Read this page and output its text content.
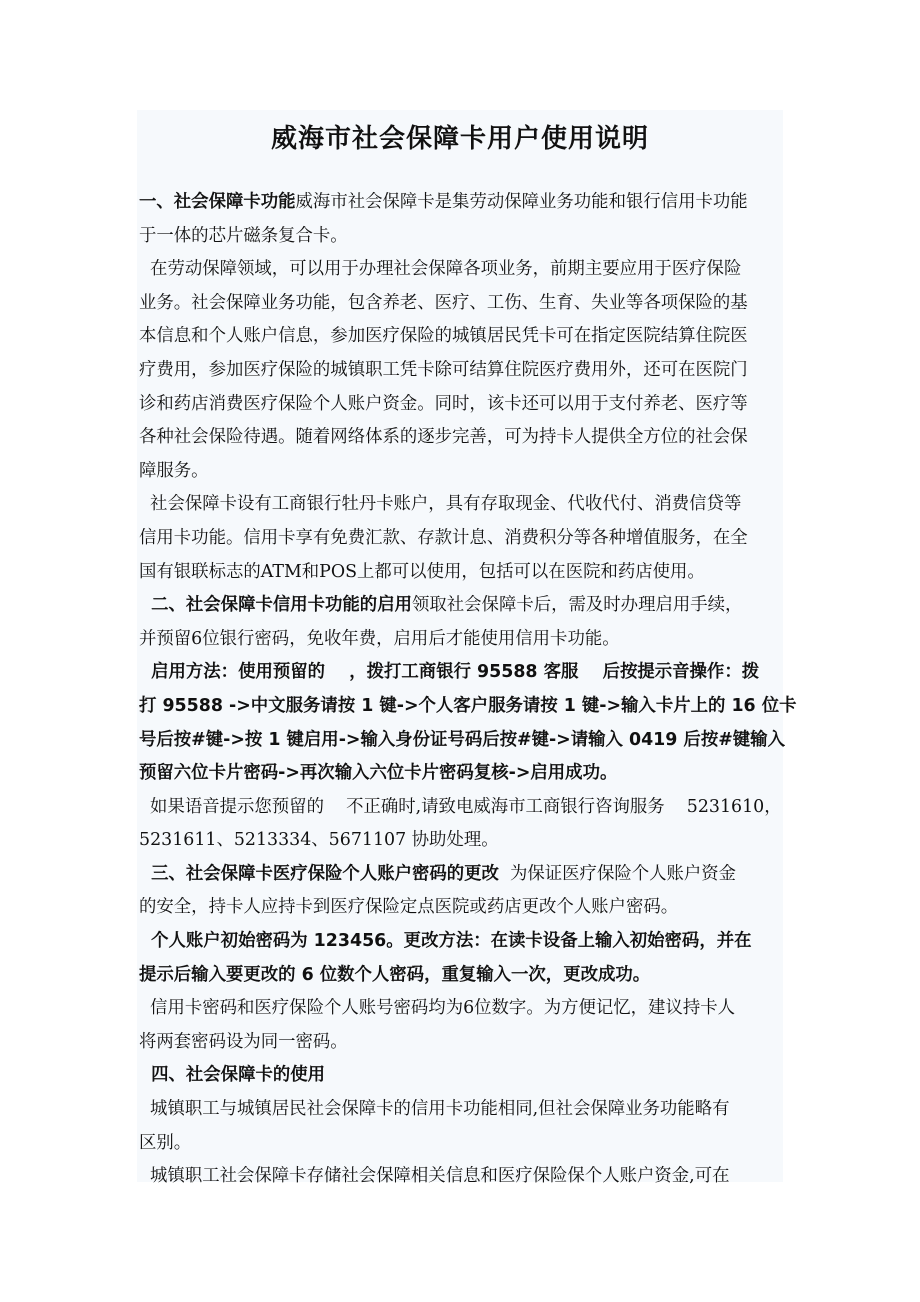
威海市社会保障卡用户使用说明
一、社会保障卡功能威海市社会保障卡是集劳动保障业务功能和银行信用卡功能
于一体的芯片磁条复合卡。
在劳动保障领域，可以用于办理社会保障各项业务，前期主要应用于医疗保险
业务。社会保障业务功能，包含养老、医疗、工伤、生育、失业等各项保险的基
本信息和个人账户信息，参加医疗保险的城镇居民凭卡可在指定医院结算住院医
疗费用，参加医疗保险的城镇职工凭卡除可结算住院医疗费用外，还可在医院门
诊和药店消费医疗保险个人账户资金。同时，该卡还可以用于支付养老、医疗等
各种社会保险待遇。随着网络体系的逐步完善，可为持卡人提供全方位的社会保
障服务。
社会保障卡设有工商银行牡丹卡账户，具有存取现金、代收代付、消费信贷等
信用卡功能。信用卡享有免费汇款、存款计息、消费积分等各种增值服务，在全
国有银联标志的ATM和POS上都可以使用，包括可以在医院和药店使用。
二、社会保障卡信用卡功能的启用领取社会保障卡后，需及时办理启用手续，
并预留6位银行密码，免收年费，启用后才能使用信用卡功能。
启用方法：使用预留的    ，拨打工商银行 95588 客服    后按提示音操作：拨
打 95588 ->中文服务请按 1 键->个人客户服务请按 1 键->输入卡片上的 16 位卡
号后按#键->按 1 键启用->输入身份证号码后按#键->请输入 0419 后按#键输入
预留六位卡片密码->再次输入六位卡片密码复核->启用成功。
如果语音提示您预留的    不正确时,请致电威海市工商银行咨询服务    5231610，
5231611、5213334、5671107 协助处理。
三、社会保障卡医疗保险个人账户密码的更改  为保证医疗保险个人账户资金
的安全，持卡人应持卡到医疗保险定点医院或药店更改个人账户密码。
个人账户初始密码为 123456。更改方法：在读卡设备上输入初始密码，并在
提示后输入要更改的 6 位数个人密码，重复输入一次，更改成功。
信用卡密码和医疗保险个人账号密码均为6位数字。为方便记忆，建议持卡人
将两套密码设为同一密码。
四、社会保障卡的使用
城镇职工与城镇居民社会保障卡的信用卡功能相同,但社会保障业务功能略有
区别。
城镇职工社会保障卡存储社会保障相关信息和医疗保险保个人账户资金,可在
